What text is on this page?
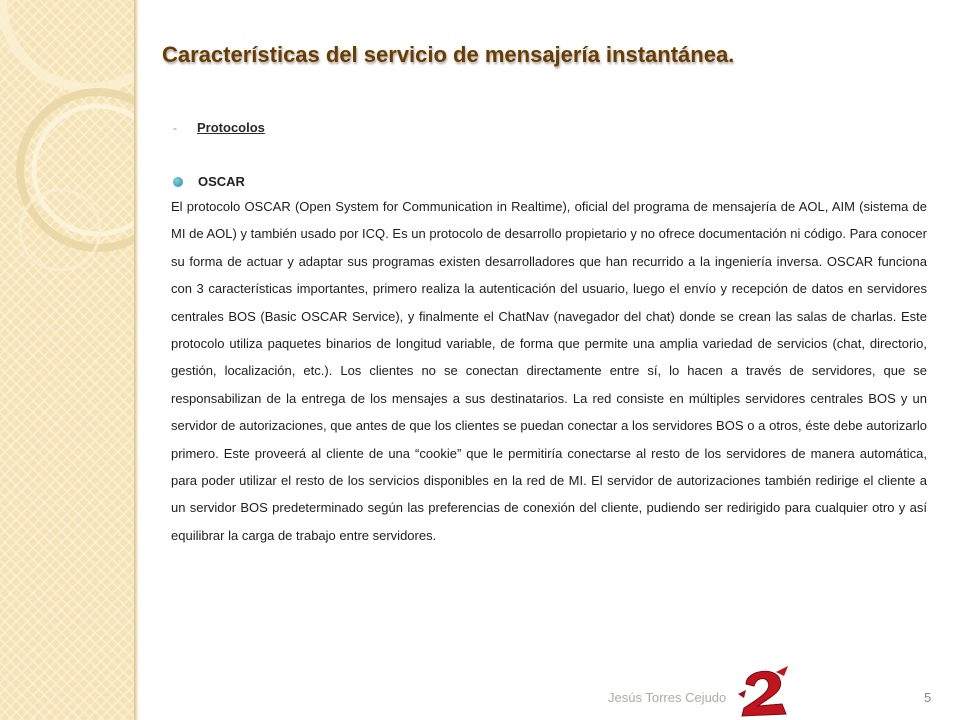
Características del servicio de mensajería instantánea.
- Protocolos
OSCAR

El protocolo OSCAR (Open System for Communication in Realtime), oficial del programa de mensajería de AOL, AIM (sistema de MI de AOL) y también usado por ICQ. Es un protocolo de desarrollo propietario y no ofrece documentación ni código. Para conocer su forma de actuar y adaptar sus programas existen desarrolladores que han recurrido a la ingeniería inversa. OSCAR funciona con 3 características importantes, primero realiza la autenticación del usuario, luego el envío y recepción de datos en servidores centrales BOS (Basic OSCAR Service), y finalmente el ChatNav (navegador del chat) donde se crean las salas de charlas. Este protocolo utiliza paquetes binarios de longitud variable, de forma que permite una amplia variedad de servicios (chat, directorio, gestión, localización, etc.). Los clientes no se conectan directamente entre sí, lo hacen a través de servidores, que se responsabilizan de la entrega de los mensajes a sus destinatarios. La red consiste en múltiples servidores centrales BOS y un servidor de autorizaciones, que antes de que los clientes se puedan conectar a los servidores BOS o a otros, éste debe autorizarlo primero. Este proveerá al cliente de una “cookie” que le permitiría conectarse al resto de los servidores de manera automática, para poder utilizar el resto de los servicios disponibles en la red de MI. El servidor de autorizaciones también redirige el cliente a un servidor BOS predeterminado según las preferencias de conexión del cliente, pudiendo ser redirigido para cualquier otro y así equilibrar la carga de trabajo entre servidores.

Jesús Torres Cejudo	5
